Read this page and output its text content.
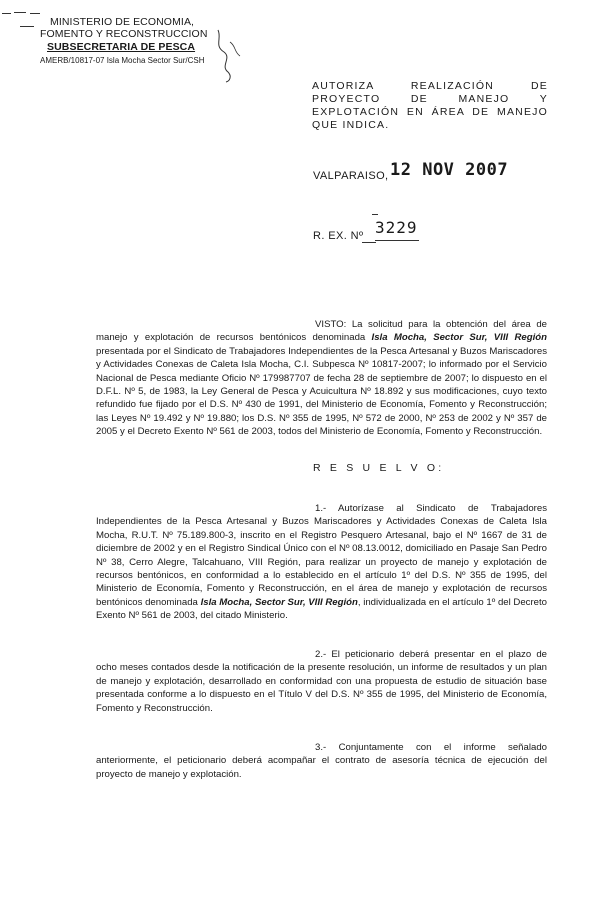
MINISTERIO DE ECONOMIA,
FOMENTO Y RECONSTRUCCION
SUBSECRETARIA DE PESCA
AMERB/10817-07 Isla Mocha Sector Sur/CSH
AUTORIZA REALIZACIÓN DE PROYECTO DE MANEJO Y EXPLOTACIÓN EN ÁREA DE MANEJO QUE INDICA.
VALPARAISO, 12 NOV 2007
R. EX. Nº 3229

VISTO: La solicitud para la obtención del área de manejo y explotación de recursos bentónicos denominada Isla Mocha, Sector Sur, VIII Región presentada por el Sindicato de Trabajadores Independientes de la Pesca Artesanal y Buzos Mariscadores y Actividades Conexas de Caleta Isla Mocha, C.I. Subpesca Nº 10817-2007; lo informado por el Servicio Nacional de Pesca mediante Oficio Nº 179987707 de fecha 28 de septiembre de 2007; lo dispuesto en el D.F.L. Nº 5, de 1983, la Ley General de Pesca y Acuicultura Nº 18.892 y sus modificaciones, cuyo texto refundido fue fijado por el D.S. Nº 430 de 1991, del Ministerio de Economía, Fomento y Reconstrucción; las Leyes Nº 19.492 y Nº 19.880; los D.S. Nº 355 de 1995, Nº 572 de 2000, Nº 253 de 2002 y Nº 357 de 2005 y el Decreto Exento Nº 561 de 2003, todos del Ministerio de Economía, Fomento y Reconstrucción.

R E S U E L V O:

1.- Autorízase al Sindicato de Trabajadores Independientes de la Pesca Artesanal y Buzos Mariscadores y Actividades Conexas de Caleta Isla Mocha, R.U.T. Nº 75.189.800-3, inscrito en el Registro Pesquero Artesanal, bajo el Nº 1667 de 31 de diciembre de 2002 y en el Registro Sindical Único con el Nº 08.13.0012, domiciliado en Pasaje San Pedro Nº 38, Cerro Alegre, Talcahuano, VIII Región, para realizar un proyecto de manejo y explotación de recursos bentónicos, en conformidad a lo establecido en el artículo 1º del D.S. Nº 355 de 1995, del Ministerio de Economía, Fomento y Reconstrucción, en el área de manejo y explotación de recursos bentónicos denominada Isla Mocha, Sector Sur, VIII Región, individualizada en el artículo 1º del Decreto Exento Nº 561 de 2003, del citado Ministerio.

2.- El peticionario deberá presentar en el plazo de ocho meses contados desde la notificación de la presente resolución, un informe de resultados y un plan de manejo y explotación, desarrollado en conformidad con una propuesta de estudio de situación base presentada conforme a lo dispuesto en el Título V del D.S. Nº 355 de 1995, del Ministerio de Economía, Fomento y Reconstrucción.

3.- Conjuntamente con el informe señalado anteriormente, el peticionario deberá acompañar el contrato de asesoría técnica de ejecución del proyecto de manejo y explotación.
